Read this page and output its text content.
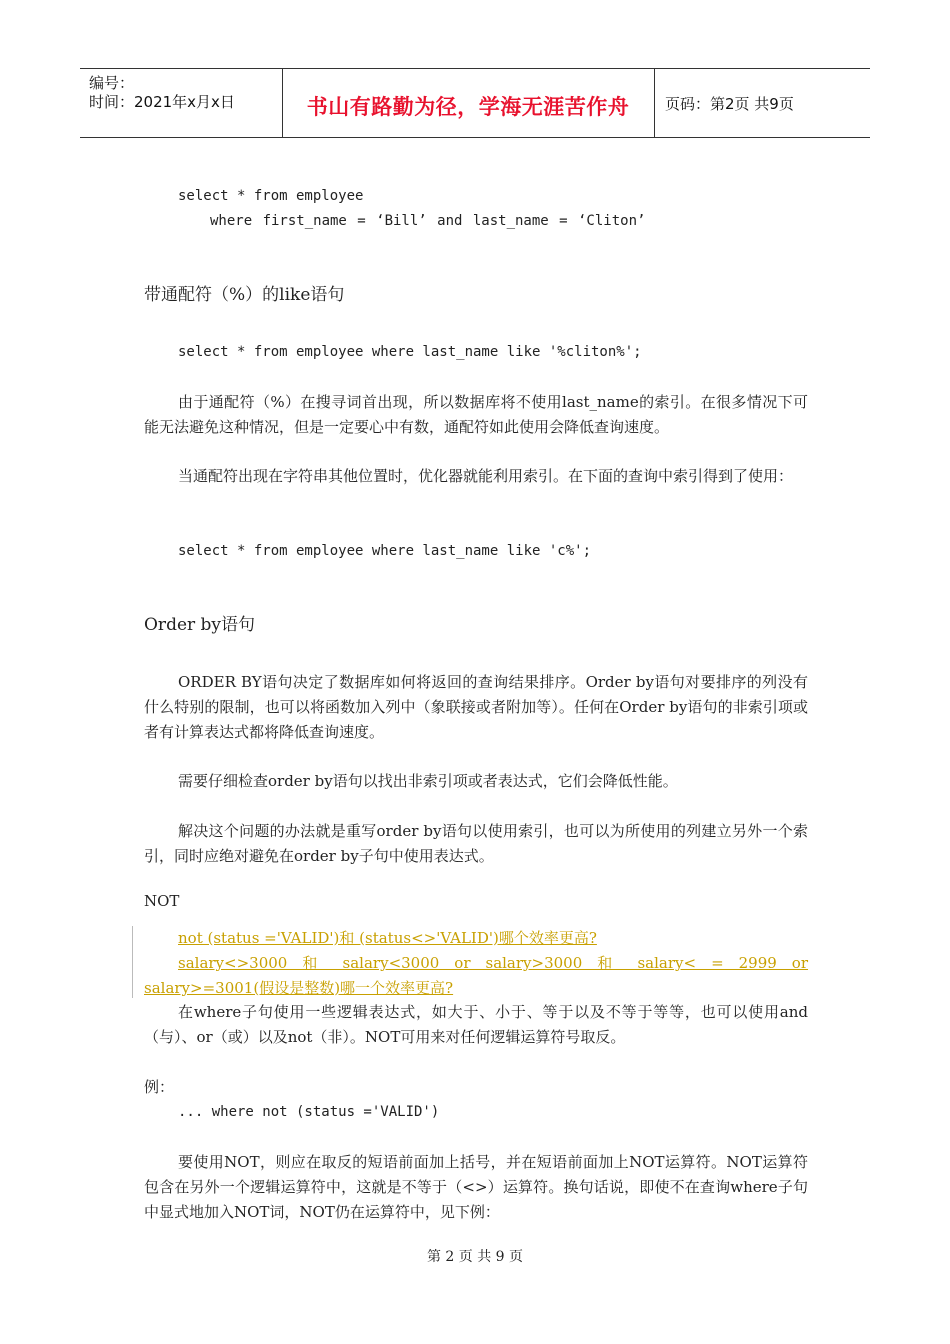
编号：
时间：2021年x月x日	书山有路勤为径，学海无涯苦作舟	页码：第2页 共9页
select * from employee
where first_name = ‘Bill’ and last_name = ‘Cliton’
带通配符（%）的like语句
select * from employee where last_name like '%cliton%';
由于通配符（%）在搜寻词首出现，所以数据库将不使用last_name的索引。在很多情况下可能无法避免这种情况，但是一定要心中有数，通配符如此使用会降低查询速度。
当通配符出现在字符串其他位置时，优化器就能利用索引。在下面的查询中索引得到了使用：
select * from employee where last_name like 'c%';
Order by语句
ORDER BY语句决定了数据库如何将返回的查询结果排序。Order by语句对要排序的列没有什么特别的限制，也可以将函数加入列中（象联接或者附加等）。任何在Order by语句的非索引项或者有计算表达式都将降低查询速度。
需要仔细检查order by语句以找出非索引项或者表达式，它们会降低性能。
解决这个问题的办法就是重写order by语句以使用索引，也可以为所使用的列建立另外一个索引，同时应绝对避免在order by子句中使用表达式。
NOT
not (status ='VALID')和 (status<>'VALID')哪个效率更高?
salary<>3000 和 salary<3000 or salary>3000 和 salary< = 2999 or salary>=3001(假设是整数)哪一个效率更高?
在where子句使用一些逻辑表达式，如大于、小于、等于以及不等于等等，也可以使用and（与）、or（或）以及not（非）。NOT可用来对任何逻辑运算符号取反。
例：
... where not (status ='VALID')
要使用NOT，则应在取反的短语前面加上括号，并在短语前面加上NOT运算符。NOT运算符包含在另外一个逻辑运算符中，这就是不等于（<>）运算符。换句话说，即使不在查询where子句中显式地加入NOT词，NOT仍在运算符中，见下例：
第 2 页 共 9 页
